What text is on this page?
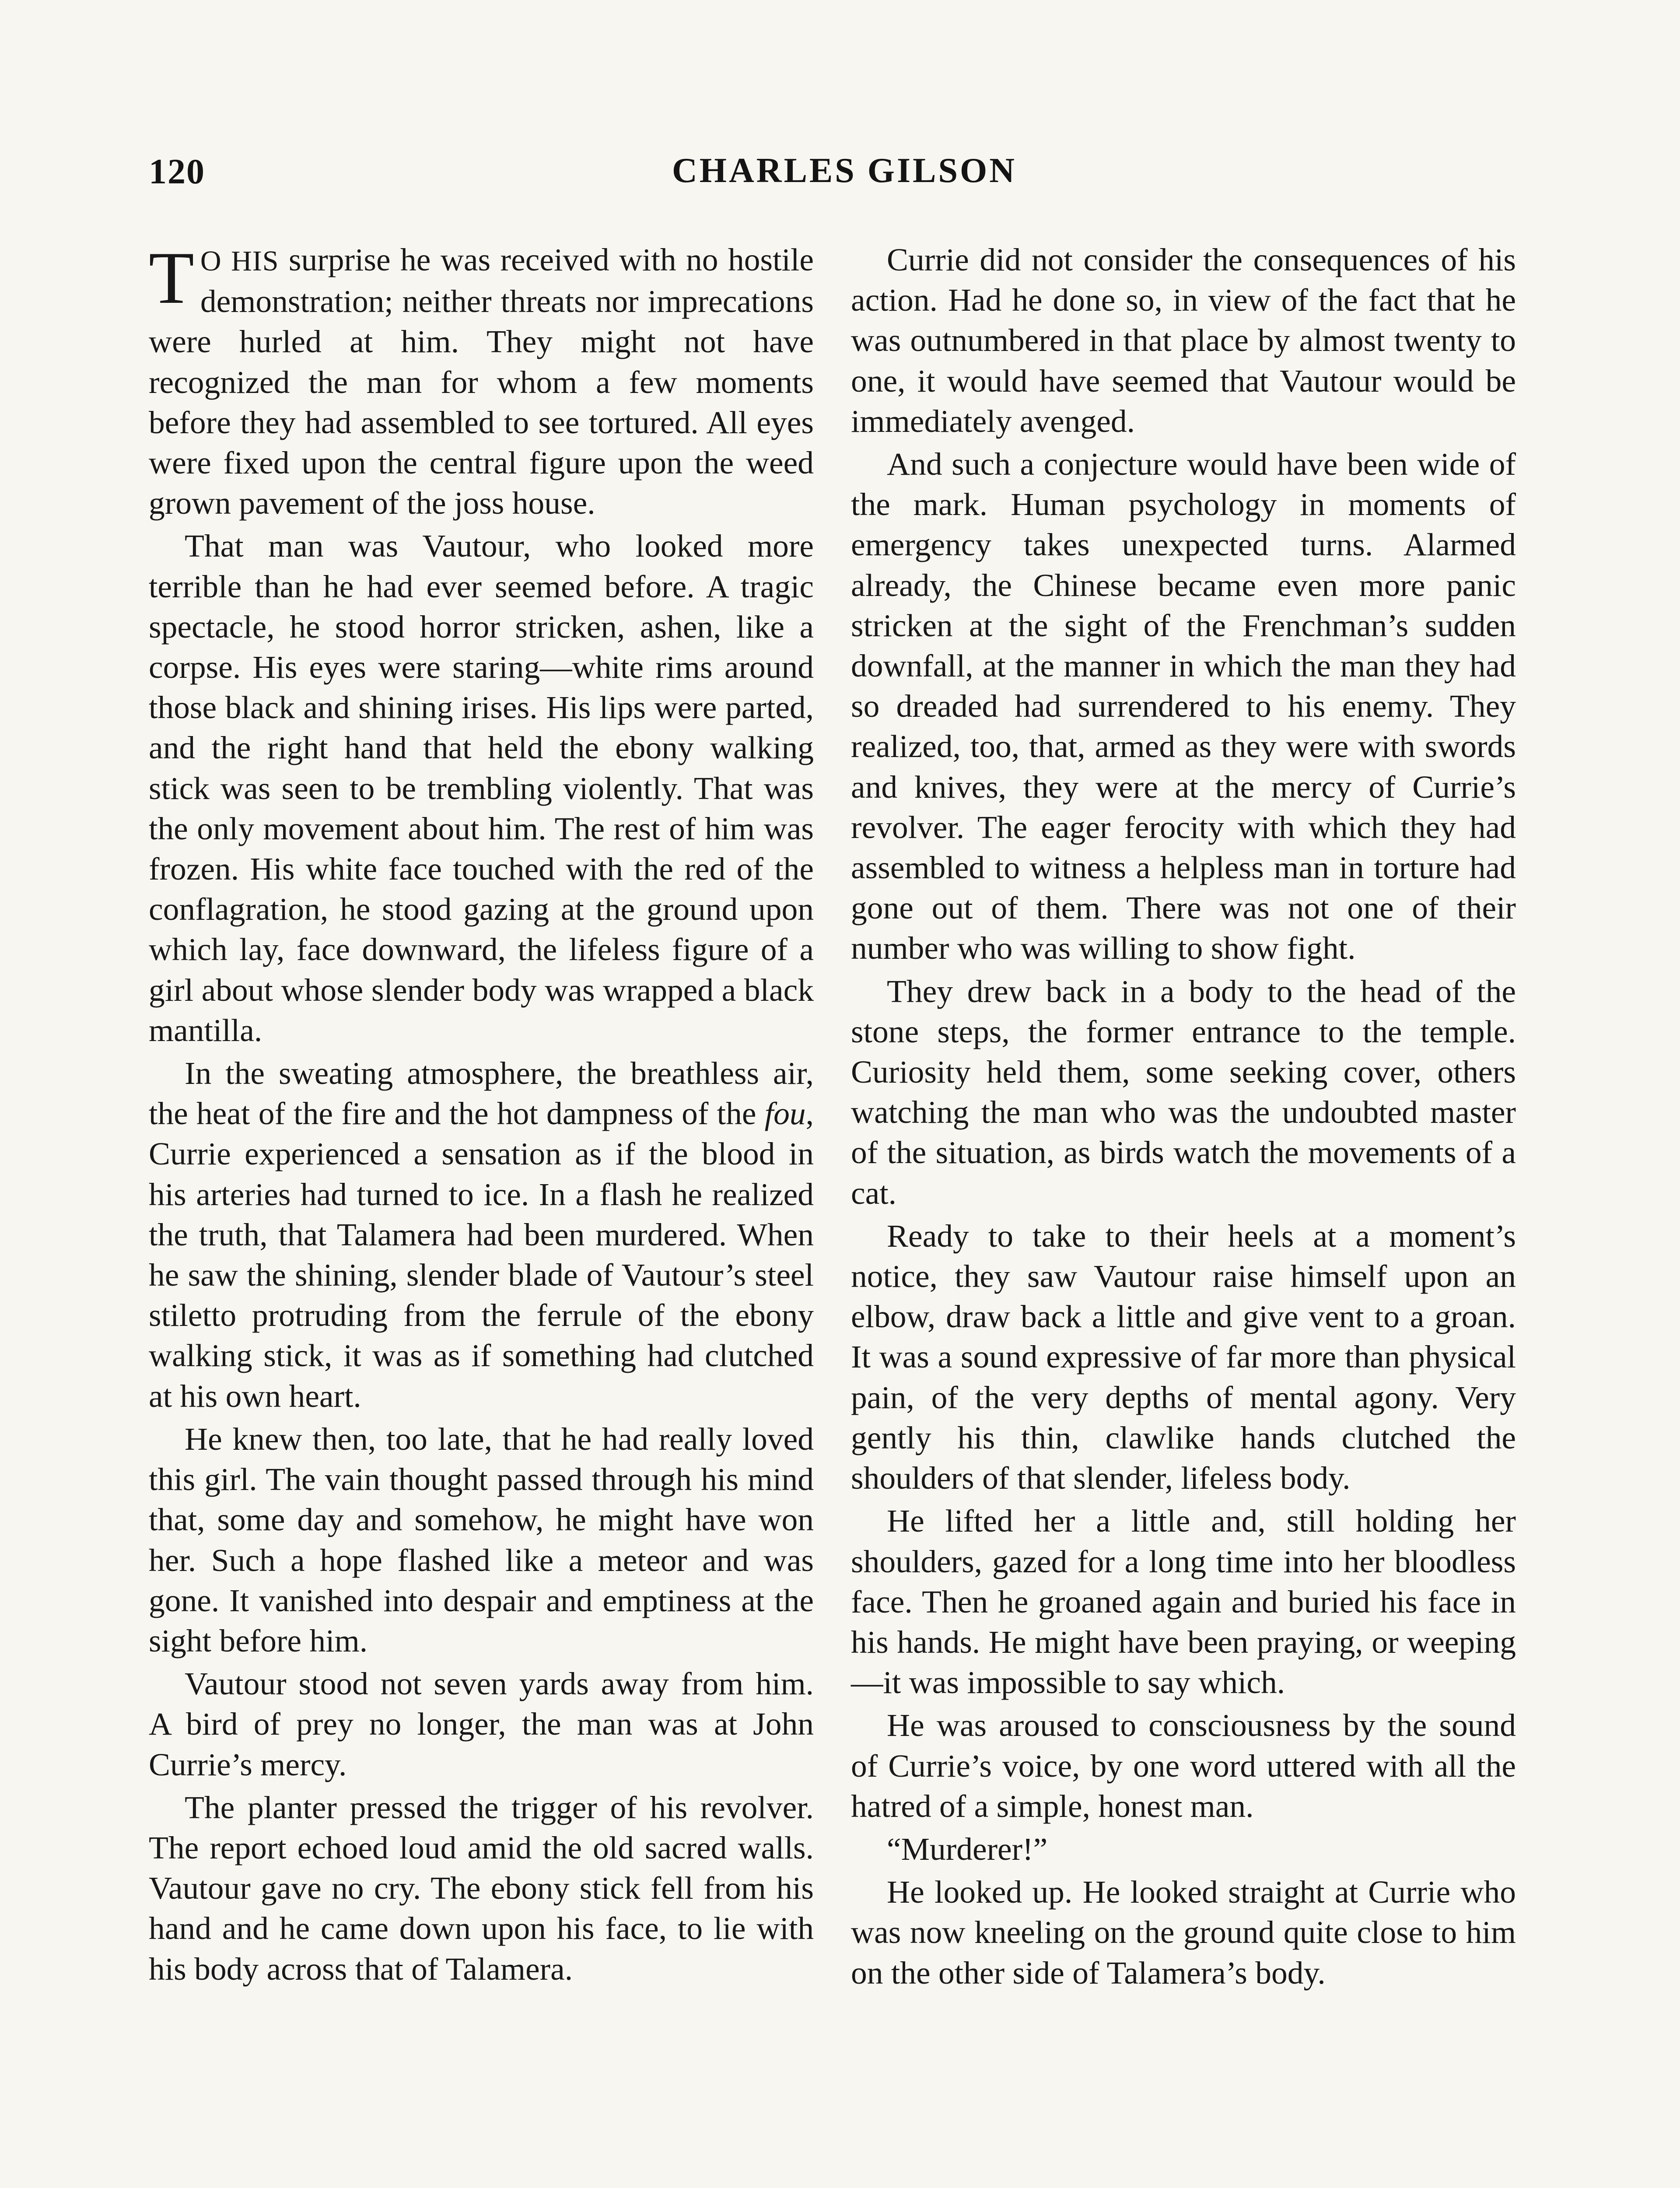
120	CHARLES GILSON

T O HIS surprise he was received with no hostile demonstration; neither threats nor imprecations were hurled at him. They might not have recognized the man for whom a few moments before they had assembled to see tortured. All eyes were fixed upon the central figure upon the weed grown pavement of the joss house.

That man was Vautour, who looked more terrible than he had ever seemed before. A tragic spectacle, he stood horror stricken, ashen, like a corpse. His eyes were staring—white rims around those black and shining irises. His lips were parted, and the right hand that held the ebony walking stick was seen to be trembling violently. That was the only movement about him. The rest of him was frozen. His white face touched with the red of the conflagration, he stood gazing at the ground upon which lay, face downward, the lifeless figure of a girl about whose slender body was wrapped a black mantilla.

In the sweating atmosphere, the breathless air, the heat of the fire and the hot dampness of the fou, Currie experienced a sensation as if the blood in his arteries had turned to ice. In a flash he realized the truth, that Talamera had been murdered. When he saw the shining, slender blade of Vautour’s steel stiletto protruding from the ferrule of the ebony walking stick, it was as if something had clutched at his own heart.

He knew then, too late, that he had really loved this girl. The vain thought passed through his mind that, some day and somehow, he might have won her. Such a hope flashed like a meteor and was gone. It vanished into despair and emptiness at the sight before him.

Vautour stood not seven yards away from him. A bird of prey no longer, the man was at John Currie’s mercy.

The planter pressed the trigger of his revolver. The report echoed loud amid the old sacred walls. Vautour gave no cry. The ebony stick fell from his hand and he came down upon his face, to lie with his body across that of Talamera.

Currie did not consider the consequences of his action. Had he done so, in view of the fact that he was outnumbered in that place by almost twenty to one, it would have seemed that Vautour would be immediately avenged.

And such a conjecture would have been wide of the mark. Human psychology in moments of emergency takes unexpected turns. Alarmed already, the Chinese became even more panic stricken at the sight of the Frenchman’s sudden downfall, at the manner in which the man they had so dreaded had surrendered to his enemy. They realized, too, that, armed as they were with swords and knives, they were at the mercy of Currie’s revolver. The eager ferocity with which they had assembled to witness a helpless man in torture had gone out of them. There was not one of their number who was willing to show fight.

They drew back in a body to the head of the stone steps, the former entrance to the temple. Curiosity held them, some seeking cover, others watching the man who was the undoubted master of the situation, as birds watch the movements of a cat.

Ready to take to their heels at a moment’s notice, they saw Vautour raise himself upon an elbow, draw back a little and give vent to a groan. It was a sound expressive of far more than physical pain, of the very depths of mental agony. Very gently his thin, clawlike hands clutched the shoulders of that slender, lifeless body.

He lifted her a little and, still holding her shoulders, gazed for a long time into her bloodless face. Then he groaned again and buried his face in his hands. He might have been praying, or weeping—it was impossible to say which.

He was aroused to consciousness by the sound of Currie’s voice, by one word uttered with all the hatred of a simple, honest man.

“Murderer!”

He looked up. He looked straight at Currie who was now kneeling on the ground quite close to him on the other side of Talamera’s body.
